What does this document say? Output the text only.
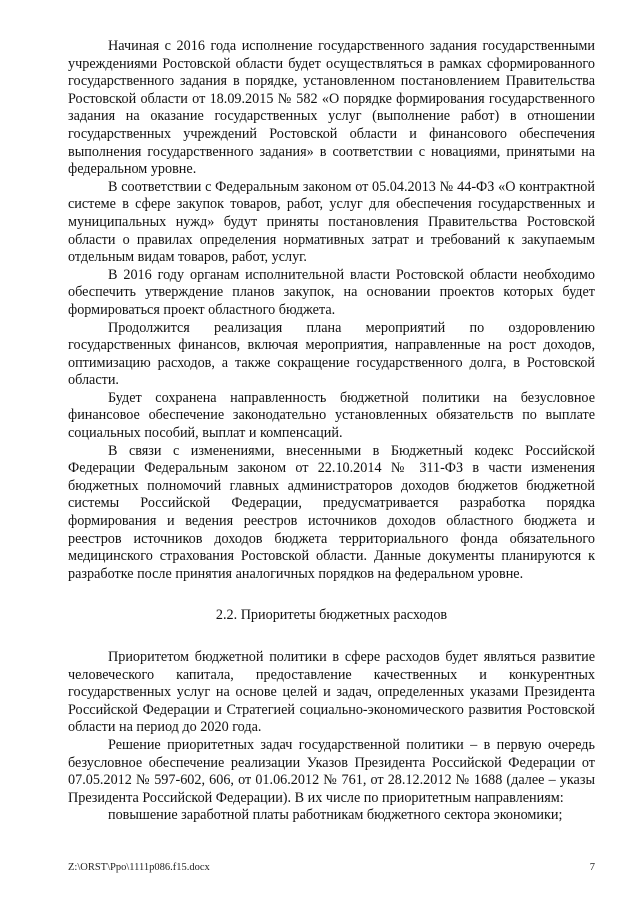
Начиная с 2016 года исполнение государственного задания государственными учреждениями Ростовской области будет осуществляться в рамках сформированного государственного задания в порядке, установленном постановлением Правительства Ростовской области от 18.09.2015 № 582 «О порядке формирования государственного задания на оказание государственных услуг (выполнение работ) в отношении государственных учреждений Ростовской области и финансового обеспечения выполнения государственного задания» в соответствии с новациями, принятыми на федеральном уровне.

В соответствии с Федеральным законом от 05.04.2013 № 44-ФЗ «О контрактной системе в сфере закупок товаров, работ, услуг для обеспечения государственных и муниципальных нужд» будут приняты постановления Правительства Ростовской области о правилах определения нормативных затрат и требований к закупаемым отдельным видам товаров, работ, услуг.

В 2016 году органам исполнительной власти Ростовской области необходимо обеспечить утверждение планов закупок, на основании проектов которых будет формироваться проект областного бюджета.

Продолжится реализация плана мероприятий по оздоровлению государственных финансов, включая мероприятия, направленные на рост доходов, оптимизацию расходов, а также сокращение государственного долга, в Ростовской области.

Будет сохранена направленность бюджетной политики на безусловное финансовое обеспечение законодательно установленных обязательств по выплате социальных пособий, выплат и компенсаций.

В связи с изменениями, внесенными в Бюджетный кодекс Российской Федерации Федеральным законом от 22.10.2014 № 311-ФЗ в части изменения бюджетных полномочий главных администраторов доходов бюджетов бюджетной системы Российской Федерации, предусматривается разработка порядка формирования и ведения реестров источников доходов областного бюджета и реестров источников доходов бюджета территориального фонда обязательного медицинского страхования Ростовской области. Данные документы планируются к разработке после принятия аналогичных порядков на федеральном уровне.

2.2. Приоритеты бюджетных расходов

Приоритетом бюджетной политики в сфере расходов будет являться развитие человеческого капитала, предоставление качественных и конкурентных государственных услуг на основе целей и задач, определенных указами Президента Российской Федерации и Стратегией социально-экономического развития Ростовской области на период до 2020 года.

Решение приоритетных задач государственной политики – в первую очередь безусловное обеспечение реализации Указов Президента Российской Федерации от 07.05.2012 № 597-602, 606, от 01.06.2012 № 761, от 28.12.2012 № 1688 (далее – указы Президента Российской Федерации). В их числе по приоритетным направлениям:

повышение заработной платы работникам бюджетного сектора экономики;

Z:\ORST\Ppo\1111p086.f15.docx	7
